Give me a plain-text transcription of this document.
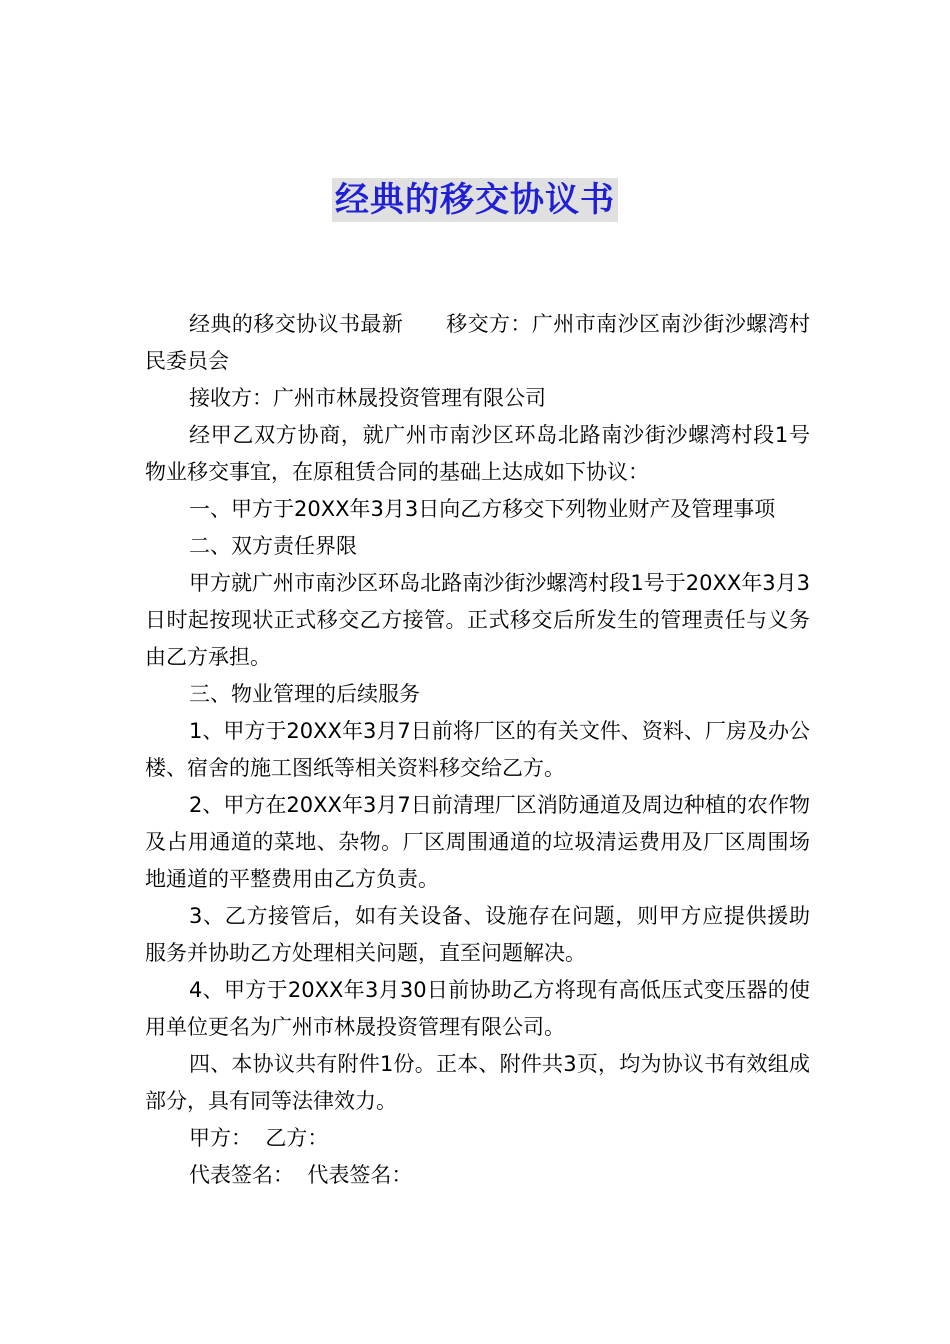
经典的移交协议书

经典的移交协议书最新　　移交方：广州市南沙区南沙街沙螺湾村民委员会

接收方：广州市林晟投资管理有限公司

经甲乙双方协商，就广州市南沙区环岛北路南沙街沙螺湾村段1号物业移交事宜，在原租赁合同的基础上达成如下协议：

一、甲方于20XX年3月3日向乙方移交下列物业财产及管理事项

二、双方责任界限

甲方就广州市南沙区环岛北路南沙街沙螺湾村段1号于20XX年3月3日时起按现状正式移交乙方接管。正式移交后所发生的管理责任与义务由乙方承担。

三、物业管理的后续服务

1、甲方于20XX年3月7日前将厂区的有关文件、资料、厂房及办公楼、宿舍的施工图纸等相关资料移交给乙方。

2、甲方在20XX年3月7日前清理厂区消防通道及周边种植的农作物及占用通道的菜地、杂物。厂区周围通道的垃圾清运费用及厂区周围场地通道的平整费用由乙方负责。

3、乙方接管后，如有关设备、设施存在问题，则甲方应提供援助服务并协助乙方处理相关问题，直至问题解决。

4、甲方于20XX年3月30日前协助乙方将现有高低压式变压器的使用单位更名为广州市林晟投资管理有限公司。

四、本协议共有附件1份。正本、附件共3页，均为协议书有效组成部分，具有同等法律效力。

甲方：  乙方：

代表签名：  代表签名：
